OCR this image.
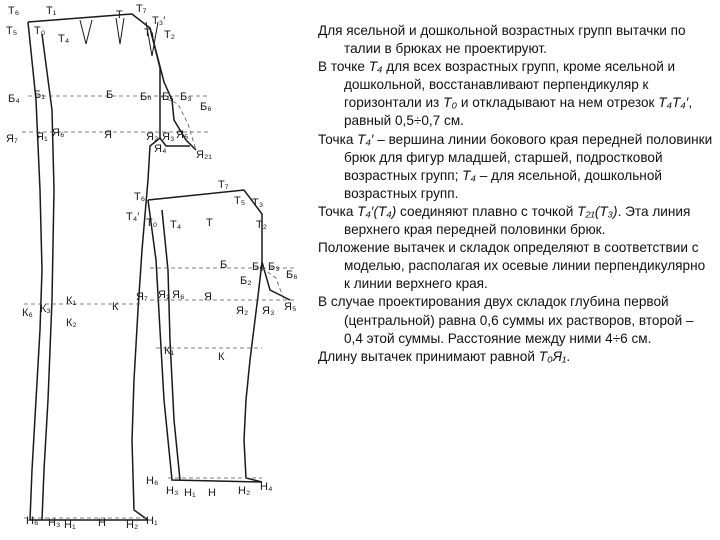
Т₆ Т₁	Т₇
Т₃′
Т
Т₅ Т₀
Т₄	Т₁ Т₂
Б₄ Б₁	Б Бₕ Б₅ Б₃
Б₆
Я₇ Я₁ Я₆	Я	Я₂ Я₃ Я₅
Я₄	Я₂₁
К₆ К₃
К₁	К
К₂
Н₆ Н₃ Н₁ Н Н₂ Н₁
Т₆
Т₇
Т₀ Т₄ Т
Т₅ Т₃
Т₂
Т₄′
Б Б₅ Б₃
Б₆
Б₂
Я₇ Я₁ Я₆ Я
Я₂ Я₃ Я₅
К₁	К
Н₆
Н₃ Н₁ Н Н₂ Н₄

Для ясельной и дошкольной возрастных групп вытачки по талии в брюках не проектируют.

В точке Т₄ для всех возрастных групп, кроме ясельной и дошкольной, восстанавливают перпендикуляр к горизонтали из Т₀ и откладывают на нем отрезок Т₄Т₄′, равный 0,5÷0,7 см.

Точка Т₄′ – вершина линии бокового края передней половинки брюк для фигур младшей, старшей, подростковой возрастных групп; Т₄ – для ясельной, дошкольной возрастных групп.

Точка Т₄′(Т₄) соединяют плавно с точкой Т₂₁(Т₃). Эта линия верхнего края передней половинки брюк.

Положение вытачек и складок определяют в соответствии с моделью, располагая их осевые линии перпендикулярно к линии верхнего края.

В случае проектирования двух складок глубина первой (центральной) равна 0,6 суммы их растворов, второй – 0,4 этой суммы. Расстояние между ними 4÷6 см.

Длину вытачек принимают равной Т₀Я₁.
